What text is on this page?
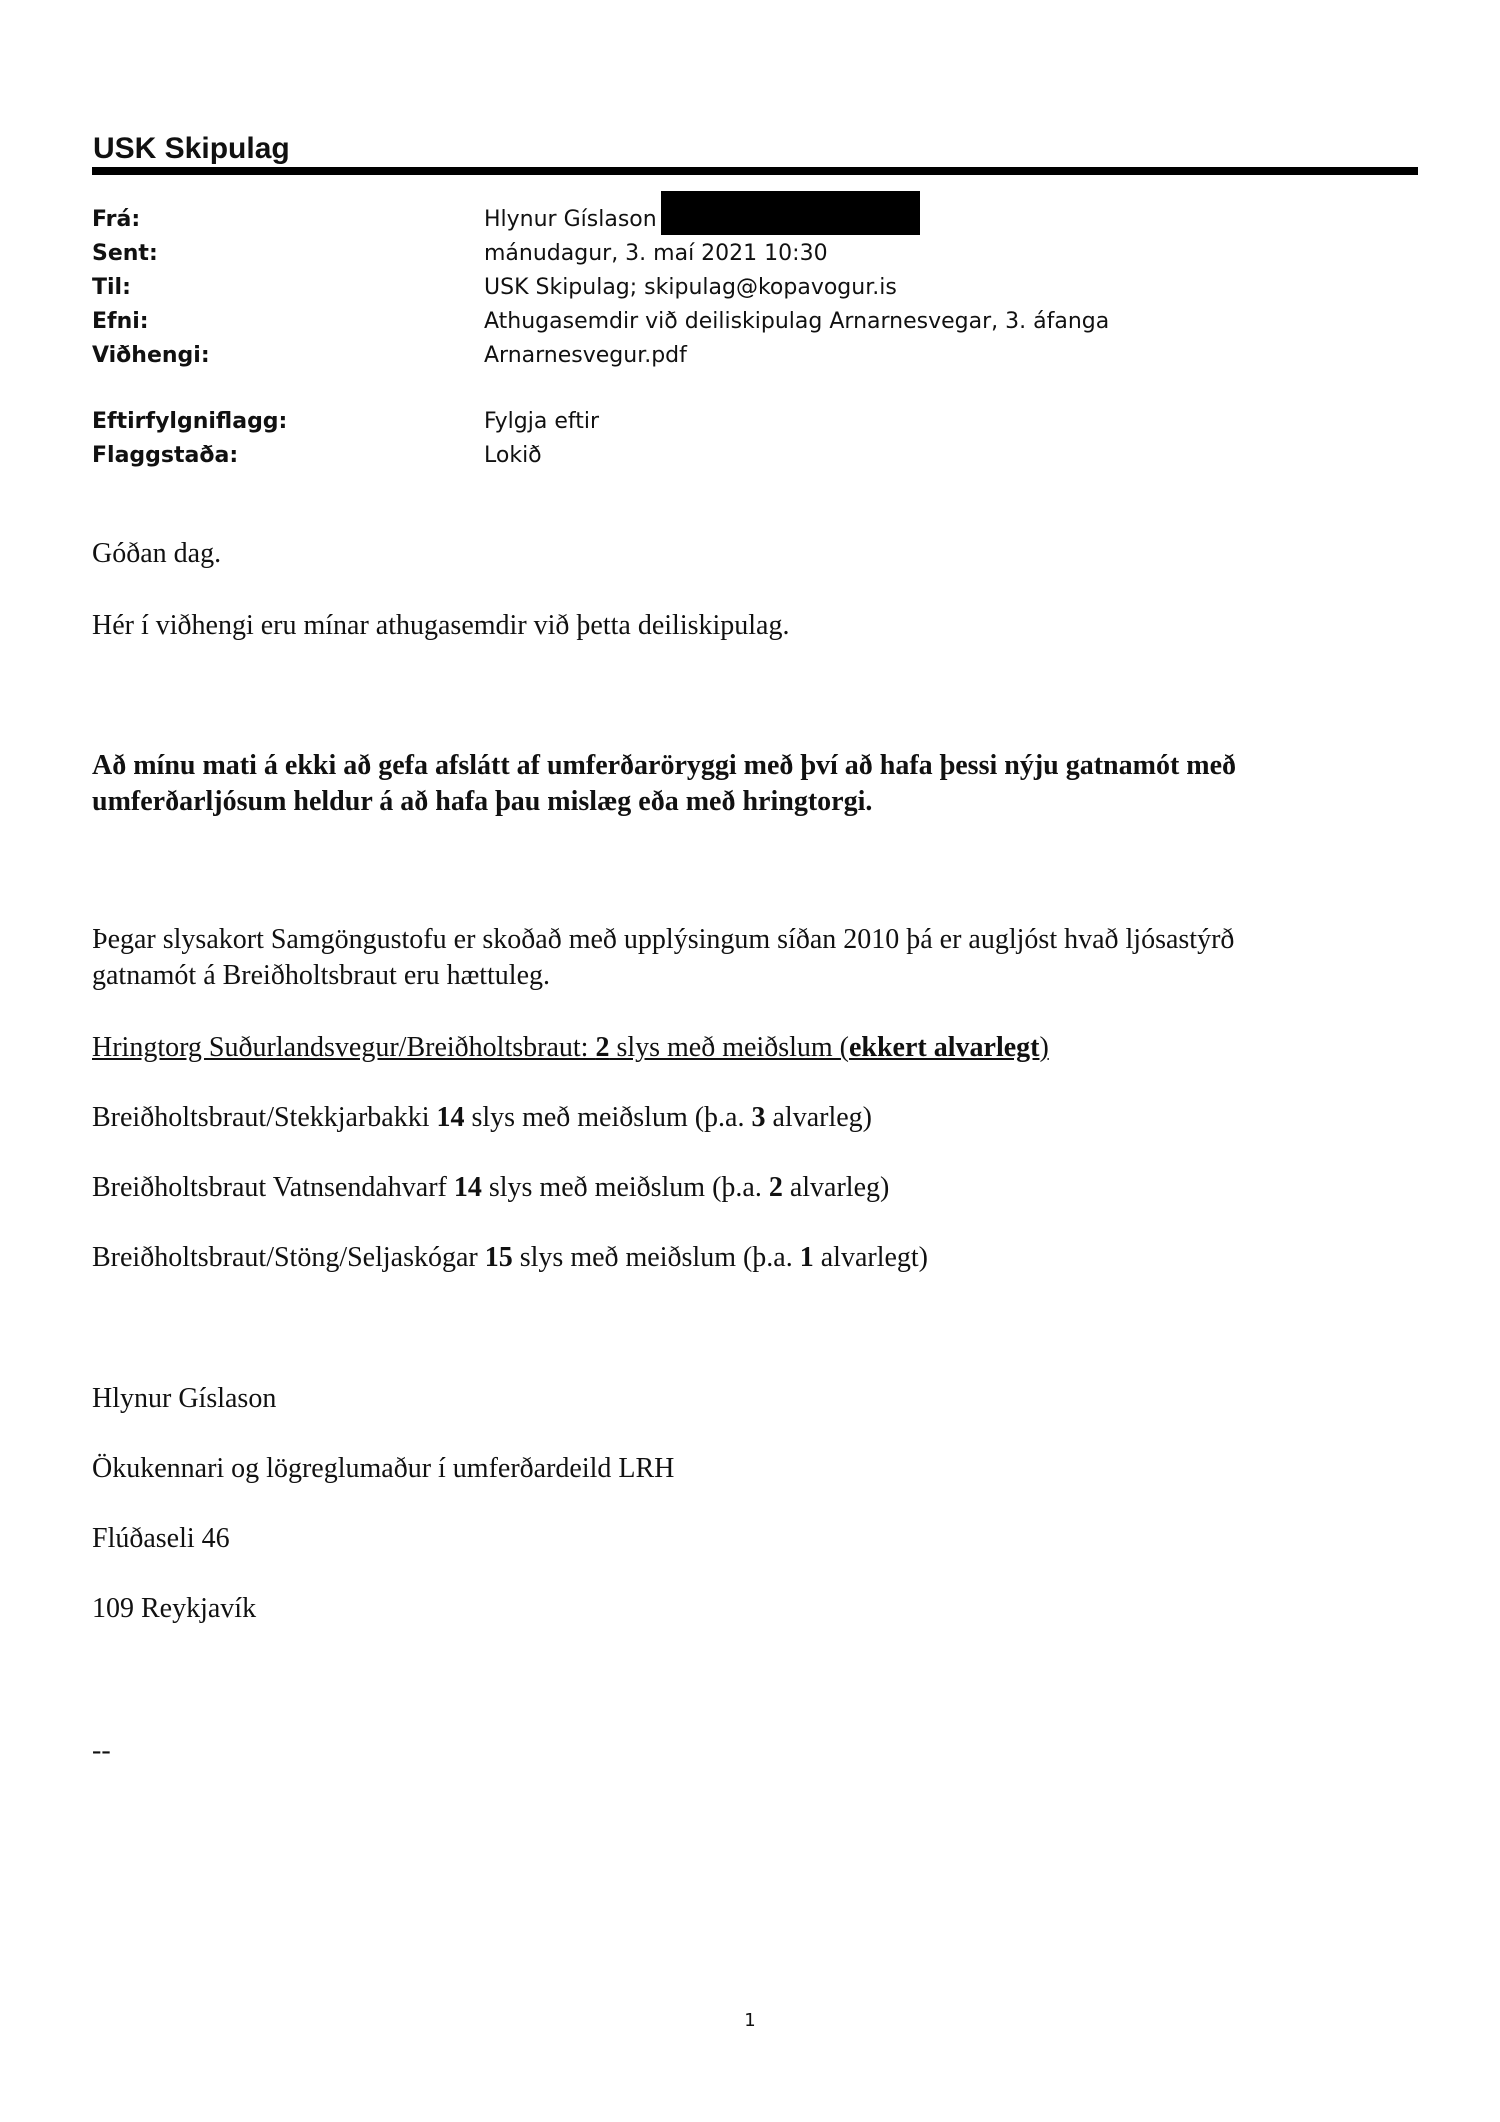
USK Skipulag
Frá:	Hlynur Gíslason
Sent:	mánudagur, 3. maí 2021 10:30
Til:	USK Skipulag; skipulag@kopavogur.is
Efni:	Athugasemdir við deiliskipulag Arnarnesvegar, 3. áfanga
Viðhengi:	Arnarnesvegur.pdf
Eftirfylgniflagg:	Fylgja eftir
Flaggstaða:	Lokið

Góðan dag.

Hér í viðhengi eru mínar athugasemdir við þetta deiliskipulag.

Að mínu mati á ekki að gefa afslátt af umferðaröryggi með því að hafa þessi nýju gatnamót með umferðarljósum heldur á að hafa þau mislæg eða með hringtorgi.

Þegar slysakort Samgöngustofu er skoðað með upplýsingum síðan 2010 þá er augljóst hvað ljósastýrð
gatnamót á Breiðholtsbraut eru hættuleg.

Hringtorg Suðurlandsvegur/Breiðholtsbraut: 2 slys með meiðslum (ekkert alvarlegt)

Breiðholtsbraut/Stekkjarbakki 14 slys með meiðslum (þ.a. 3 alvarleg)

Breiðholtsbraut Vatnsendahvarf 14 slys með meiðslum (þ.a. 2 alvarleg)

Breiðholtsbraut/Stöng/Seljaskógar 15 slys með meiðslum (þ.a. 1 alvarlegt)

Hlynur Gíslason

Ökukennari og lögreglumaður í umferðardeild LRH

Flúðaseli 46

109 Reykjavík

--

1
